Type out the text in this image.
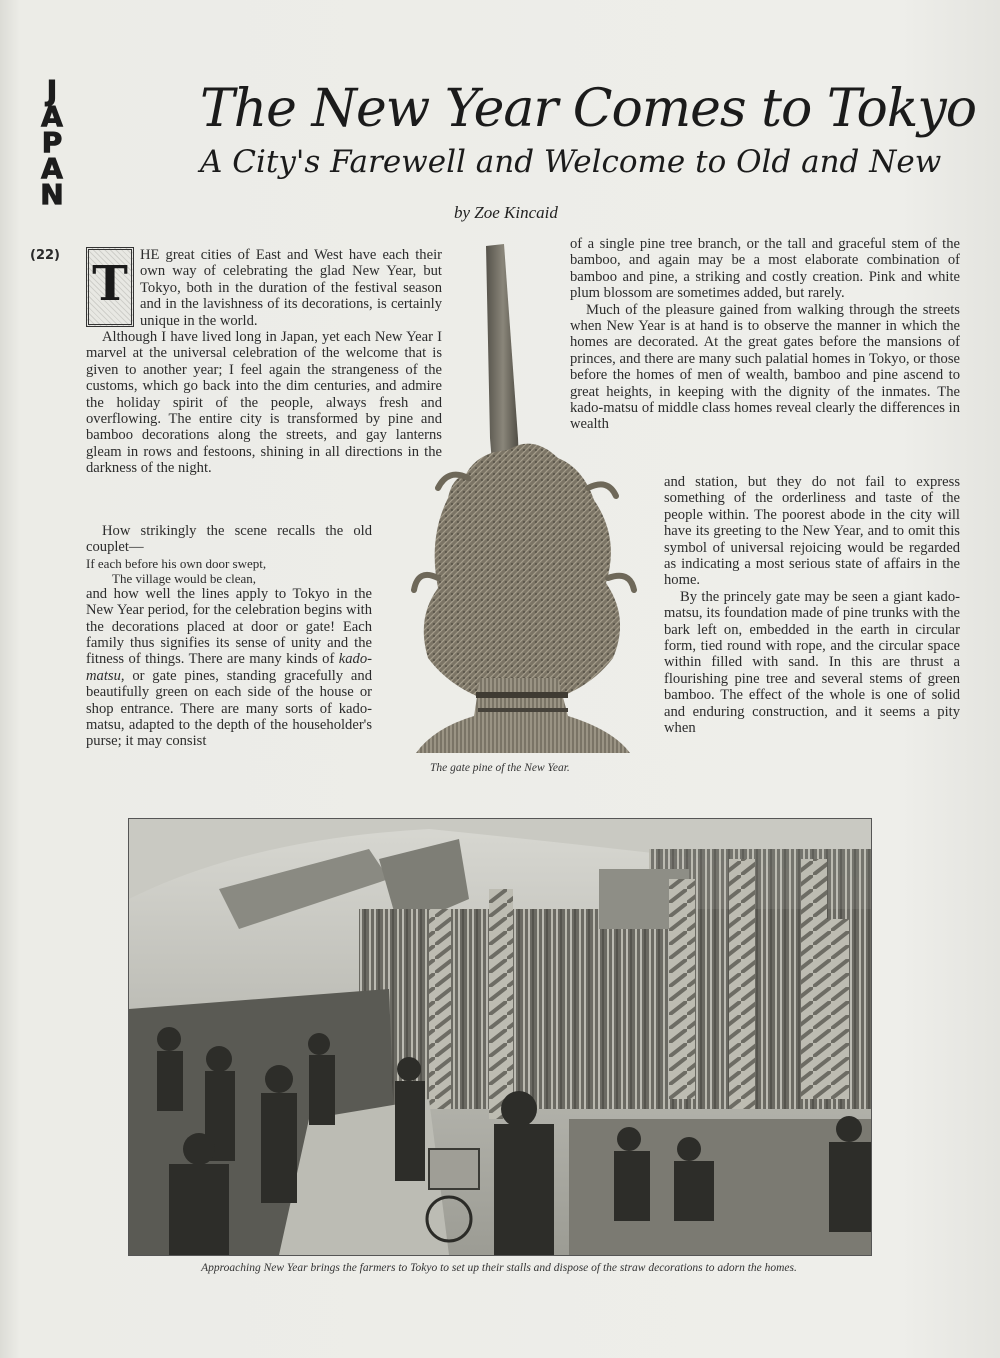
J
A
P
A
N
(22)
The New Year Comes to Tokyo
A City's Farewell and Welcome to Old and New
by Zoe Kincaid

T
HE great cities of East and West have each their own way of celebrating the glad New Year, but Tokyo, both in the duration of the festival season and in the lavishness of its decorations, is certainly unique in the world.

Although I have lived long in Japan, yet each New Year I marvel at the universal celebration of the welcome that is given to another year; I feel again the strangeness of the customs, which go back into the dim centuries, and admire the holiday spirit of the people, always fresh and overflowing. The entire city is transformed by pine and bamboo decorations along the streets, and gay lanterns gleam in rows and festoons, shining in all directions in the darkness of the night.

How strikingly the scene recalls the old couplet—

If each before his own door swept,

The village would be clean,

and how well the lines apply to Tokyo in the New Year period, for the celebration begins with the decorations placed at door or gate! Each family thus signifies its sense of unity and the fitness of things. There are many kinds of kado-matsu, or gate pines, standing gracefully and beautifully green on each side of the house or shop entrance. There are many sorts of kado-matsu, adapted to the depth of the householder's purse; it may consist

of a single pine tree branch, or the tall and graceful stem of the bamboo, and again may be a most elaborate combination of bamboo and pine, a striking and costly creation. Pink and white plum blossom are sometimes added, but rarely.

Much of the pleasure gained from walking through the streets when New Year is at hand is to observe the manner in which the homes are decorated. At the great gates before the mansions of princes, and there are many such palatial homes in Tokyo, or those before the homes of men of wealth, bamboo and pine ascend to great heights, in keeping with the dignity of the inmates. The kado-matsu of middle class homes reveal clearly the differences in wealth

and station, but they do not fail to express something of the orderliness and taste of the people within. The poorest abode in the city will have its greeting to the New Year, and to omit this symbol of universal rejoicing would be regarded as indicating a most serious state of affairs in the home.

By the princely gate may be seen a giant kado-matsu, its foundation made of pine trunks with the bark left on, embedded in the earth in circular form, tied round with rope, and the circular space within filled with sand. In this are thrust a flourishing pine tree and several stems of green bamboo. The effect of the whole is one of solid and enduring construction, and it seems a pity when

The gate pine of the New Year.
Approaching New Year brings the farmers to Tokyo to set up their stalls and dispose of the straw decorations to adorn the homes.
